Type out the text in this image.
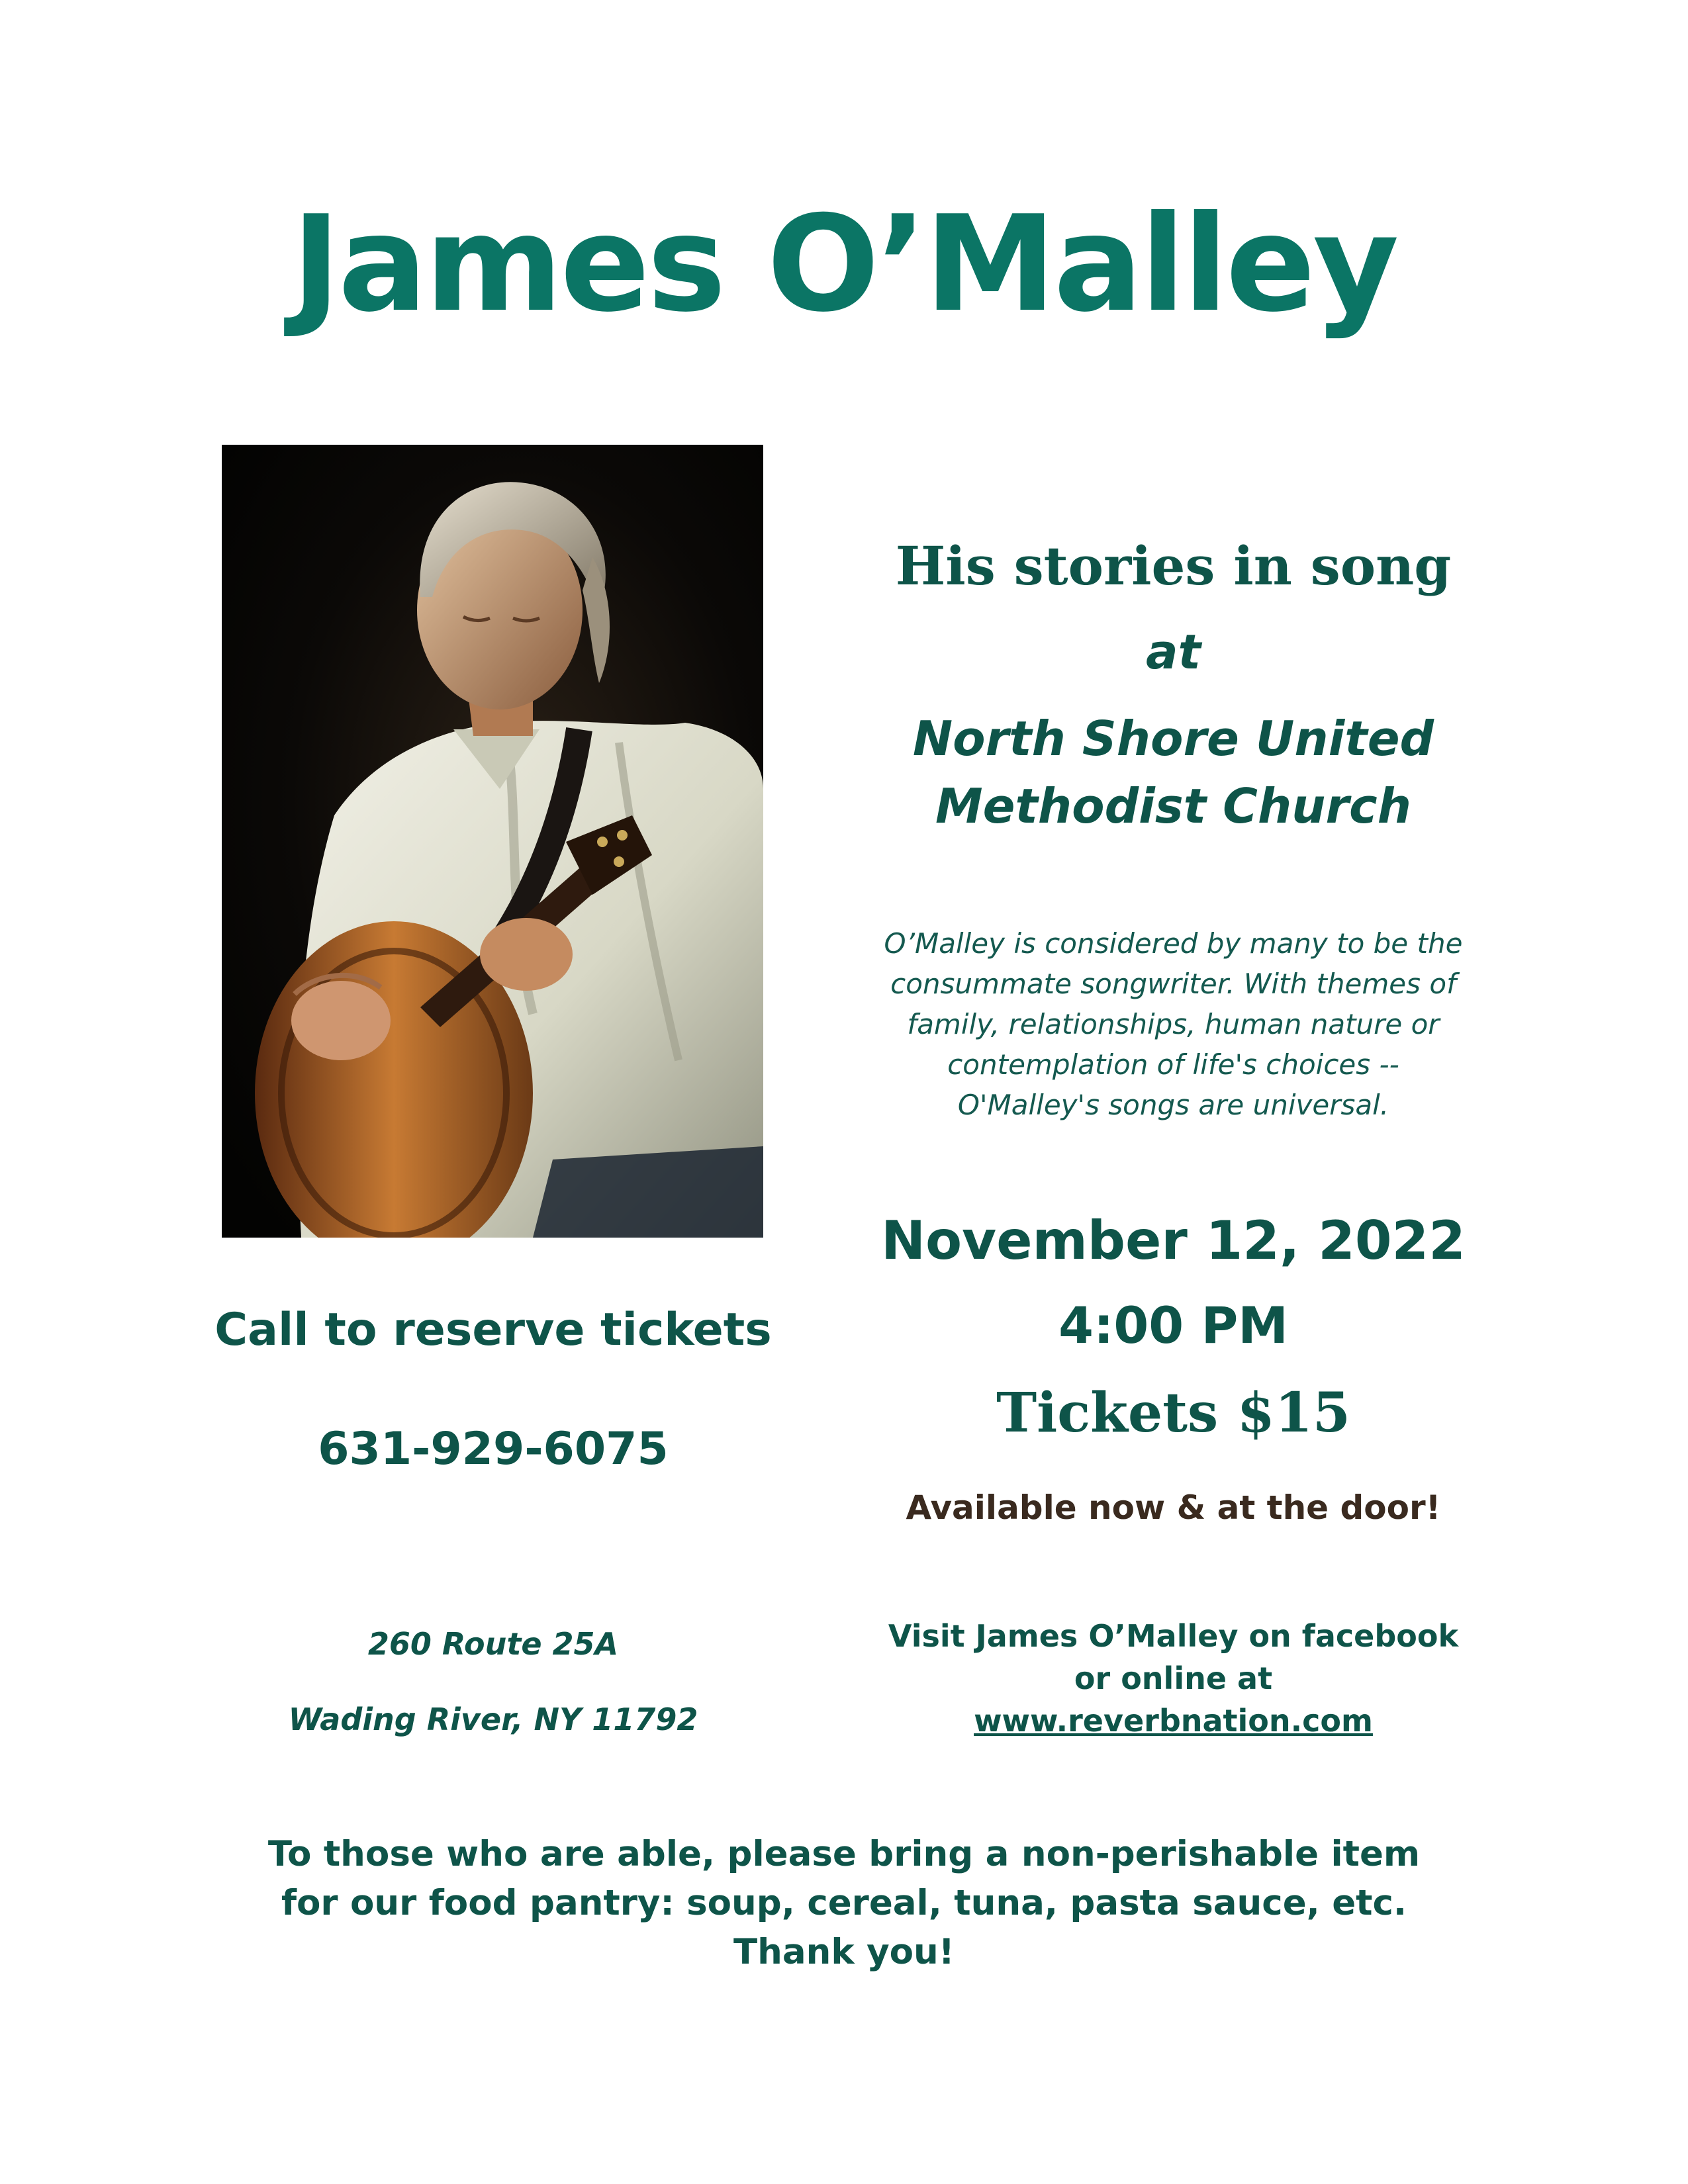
James O’Malley
His stories in song
at
North Shore United
Methodist Church
O’Malley is considered by many to be the
consummate songwriter. With themes of
family, relationships, human nature or
contemplation of life's choices --
O'Malley's songs are universal.
November 12, 2022
4:00 PM
Tickets $15
Available now & at the door!
Visit James O’Malley on facebook
or online at
www.reverbnation.com
Call to reserve tickets
631-929-6075
260 Route 25A
Wading River, NY 11792
To those who are able, please bring a non-perishable item
for our food pantry: soup, cereal, tuna, pasta sauce, etc.
Thank you!
